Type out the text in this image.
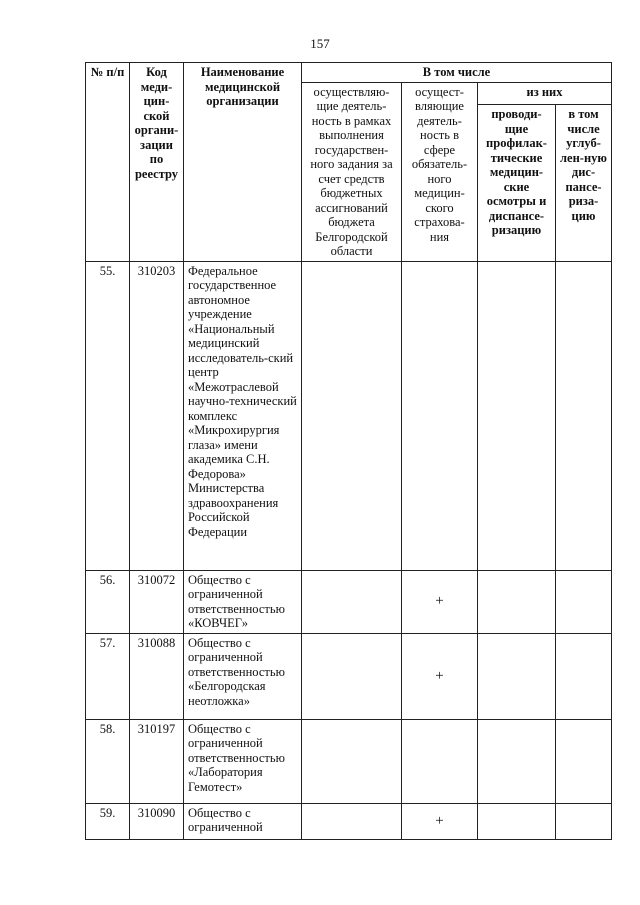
157
№ п/п	Код меди-цин-ской органи-зации по реестру	Наименование медицинской организации	В том числе			
			осуществляю-щие деятель-ность в рамках выполнения государствен-ного задания за счет средств бюджетных ассигнований бюджета Белгородской области	осущест-вляющие деятель-ность в сфере обязатель-ного медицин-ского страхова-ния	из них	
					проводи-щие профилак-тические медицин-ские осмотры и диспансе-ризацию	в том числе углуб-лен-ную дис-пансе-риза-цию
55.	310203	Федеральное государственное автономное учреждение «Национальный медицинский исследователь-ский центр «Межотраслевой научно-технический комплекс «Микрохирургия глаза» имени академика С.Н. Федорова» Министерства здравоохранения Российской Федерации				
56.	310072	Общество с ограниченной ответственностью «КОВЧЕГ»		+		
57.	310088	Общество с ограниченной ответственностью «Белгородская неотложка»		+		
58.	310197	Общество с ограниченной ответственностью «Лаборатория Гемотест»				
59.	310090	Общество с ограниченной		+		
